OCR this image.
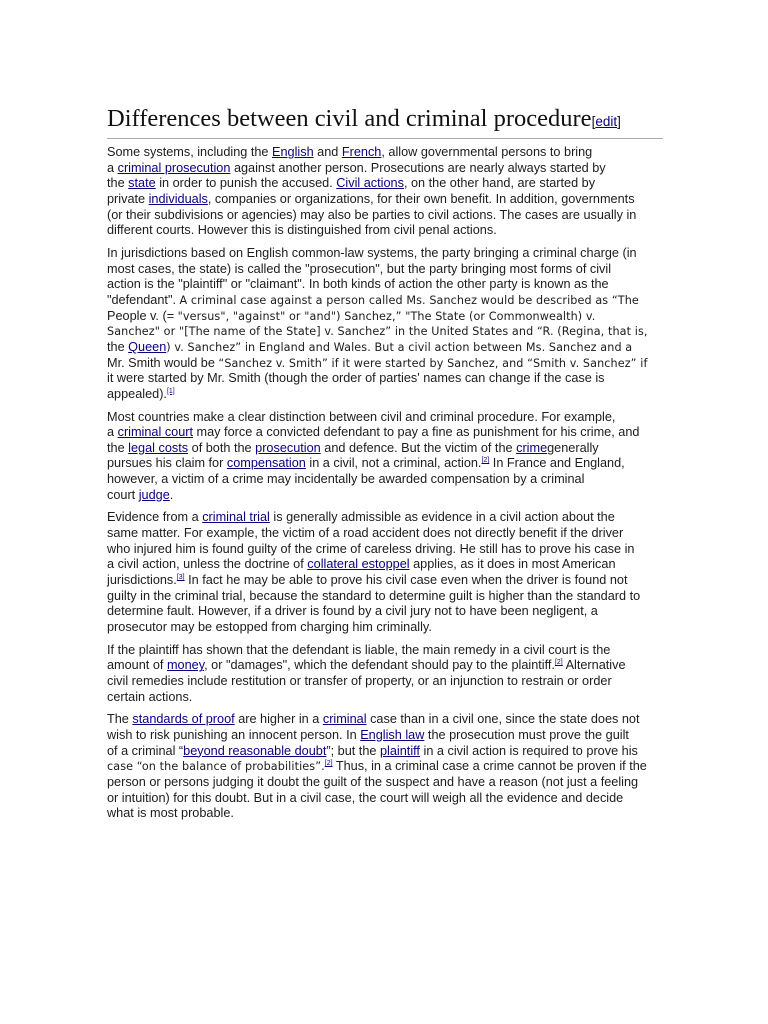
Differences between civil and criminal procedure[edit]

Some systems, including the English and French, allow governmental persons to bring
a criminal prosecution against another person. Prosecutions are nearly always started by
the state in order to punish the accused. Civil actions, on the other hand, are started by
private individuals, companies or organizations, for their own benefit. In addition, governments
(or their subdivisions or agencies) may also be parties to civil actions. The cases are usually in
different courts. However this is distinguished from civil penal actions.

In jurisdictions based on English common-law systems, the party bringing a criminal charge (in
most cases, the state) is called the "prosecution", but the party bringing most forms of civil
action is the "plaintiff" or "claimant". In both kinds of action the other party is known as the
"defendant". A criminal case against a person called Ms. Sanchez would be described as “The
People v. (= "versus", "against" or "and") Sanchez,” "The State (or Commonwealth) v.
Sanchez" or "[The name of the State] v. Sanchez” in the United States and “R. (Regina, that is,
the Queen) v. Sanchez” in England and Wales. But a civil action between Ms. Sanchez and a
Mr. Smith would be “Sanchez v. Smith” if it were started by Sanchez, and “Smith v. Sanchez” if
it were started by Mr. Smith (though the order of parties' names can change if the case is
appealed).[1]

Most countries make a clear distinction between civil and criminal procedure. For example,
a criminal court may force a convicted defendant to pay a fine as punishment for his crime, and
the legal costs of both the prosecution and defence. But the victim of the crimegenerally
pursues his claim for compensation in a civil, not a criminal, action.[2] In France and England,
however, a victim of a crime may incidentally be awarded compensation by a criminal
court judge.

Evidence from a criminal trial is generally admissible as evidence in a civil action about the
same matter. For example, the victim of a road accident does not directly benefit if the driver
who injured him is found guilty of the crime of careless driving. He still has to prove his case in
a civil action, unless the doctrine of collateral estoppel applies, as it does in most American
jurisdictions.[3] In fact he may be able to prove his civil case even when the driver is found not
guilty in the criminal trial, because the standard to determine guilt is higher than the standard to
determine fault. However, if a driver is found by a civil jury not to have been negligent, a
prosecutor may be estopped from charging him criminally.

If the plaintiff has shown that the defendant is liable, the main remedy in a civil court is the
amount of money, or "damages", which the defendant should pay to the plaintiff.[2] Alternative
civil remedies include restitution or transfer of property, or an injunction to restrain or order
certain actions.

The standards of proof are higher in a criminal case than in a civil one, since the state does not
wish to risk punishing an innocent person. In English law the prosecution must prove the guilt
of a criminal “beyond reasonable doubt”; but the plaintiff in a civil action is required to prove his
case “on the balance of probabilities”.[2] Thus, in a criminal case a crime cannot be proven if the
person or persons judging it doubt the guilt of the suspect and have a reason (not just a feeling
or intuition) for this doubt. But in a civil case, the court will weigh all the evidence and decide
what is most probable.
